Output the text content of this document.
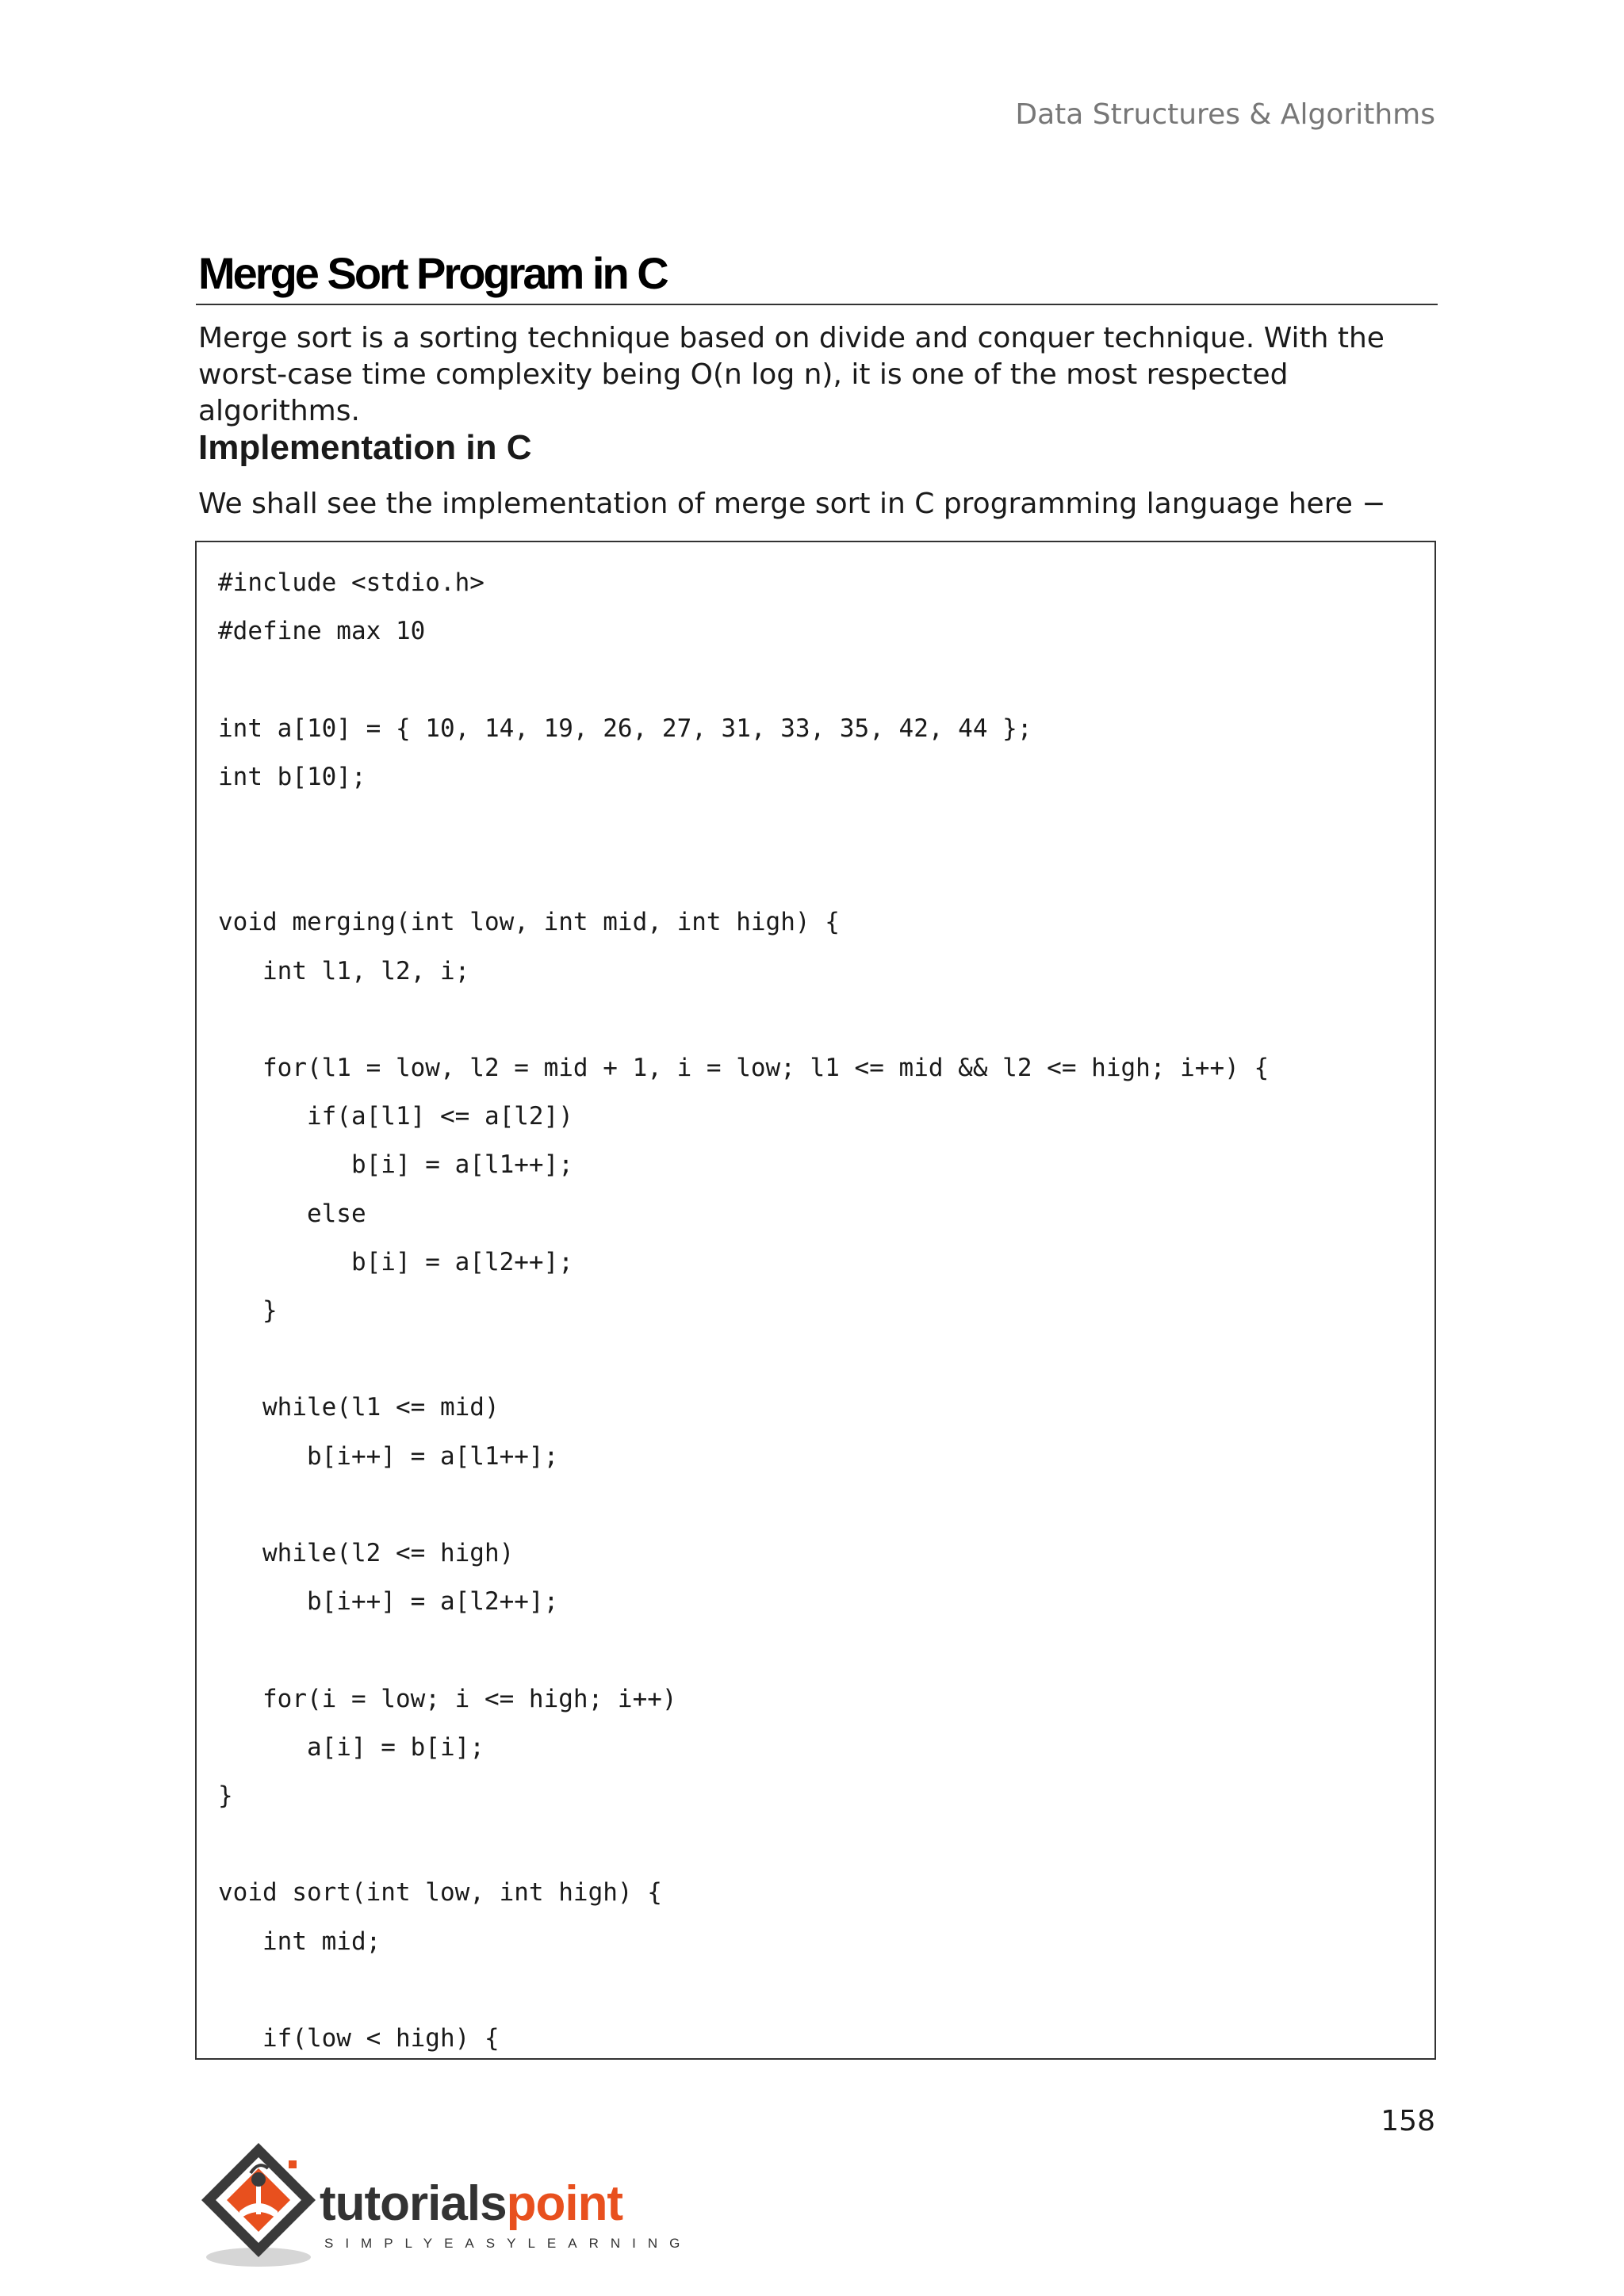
Data Structures & Algorithms
Merge Sort Program in C
Merge sort is a sorting technique based on divide and conquer technique. With the worst-case time complexity being O(n log n), it is one of the most respected algorithms.
Implementation in C
We shall see the implementation of merge sort in C programming language here −
#include <stdio.h>
#define max 10

int a[10] = { 10, 14, 19, 26, 27, 31, 33, 35, 42, 44 };
int b[10];

void merging(int low, int mid, int high) {
int l1, l2, i;

for(l1 = low, l2 = mid + 1, i = low; l1 <= mid && l2 <= high; i++) {
if(a[l1] <= a[l2])
b[i] = a[l1++];
else
b[i] = a[l2++];
}

while(l1 <= mid)
b[i++] = a[l1++];

while(l2 <= high)
b[i++] = a[l2++];

for(i = low; i <= high; i++)
a[i] = b[i];
}

void sort(int low, int high) {
int mid;

if(low < high) {
158
tutorialspoint
SIMPLYEASYLEARNING
